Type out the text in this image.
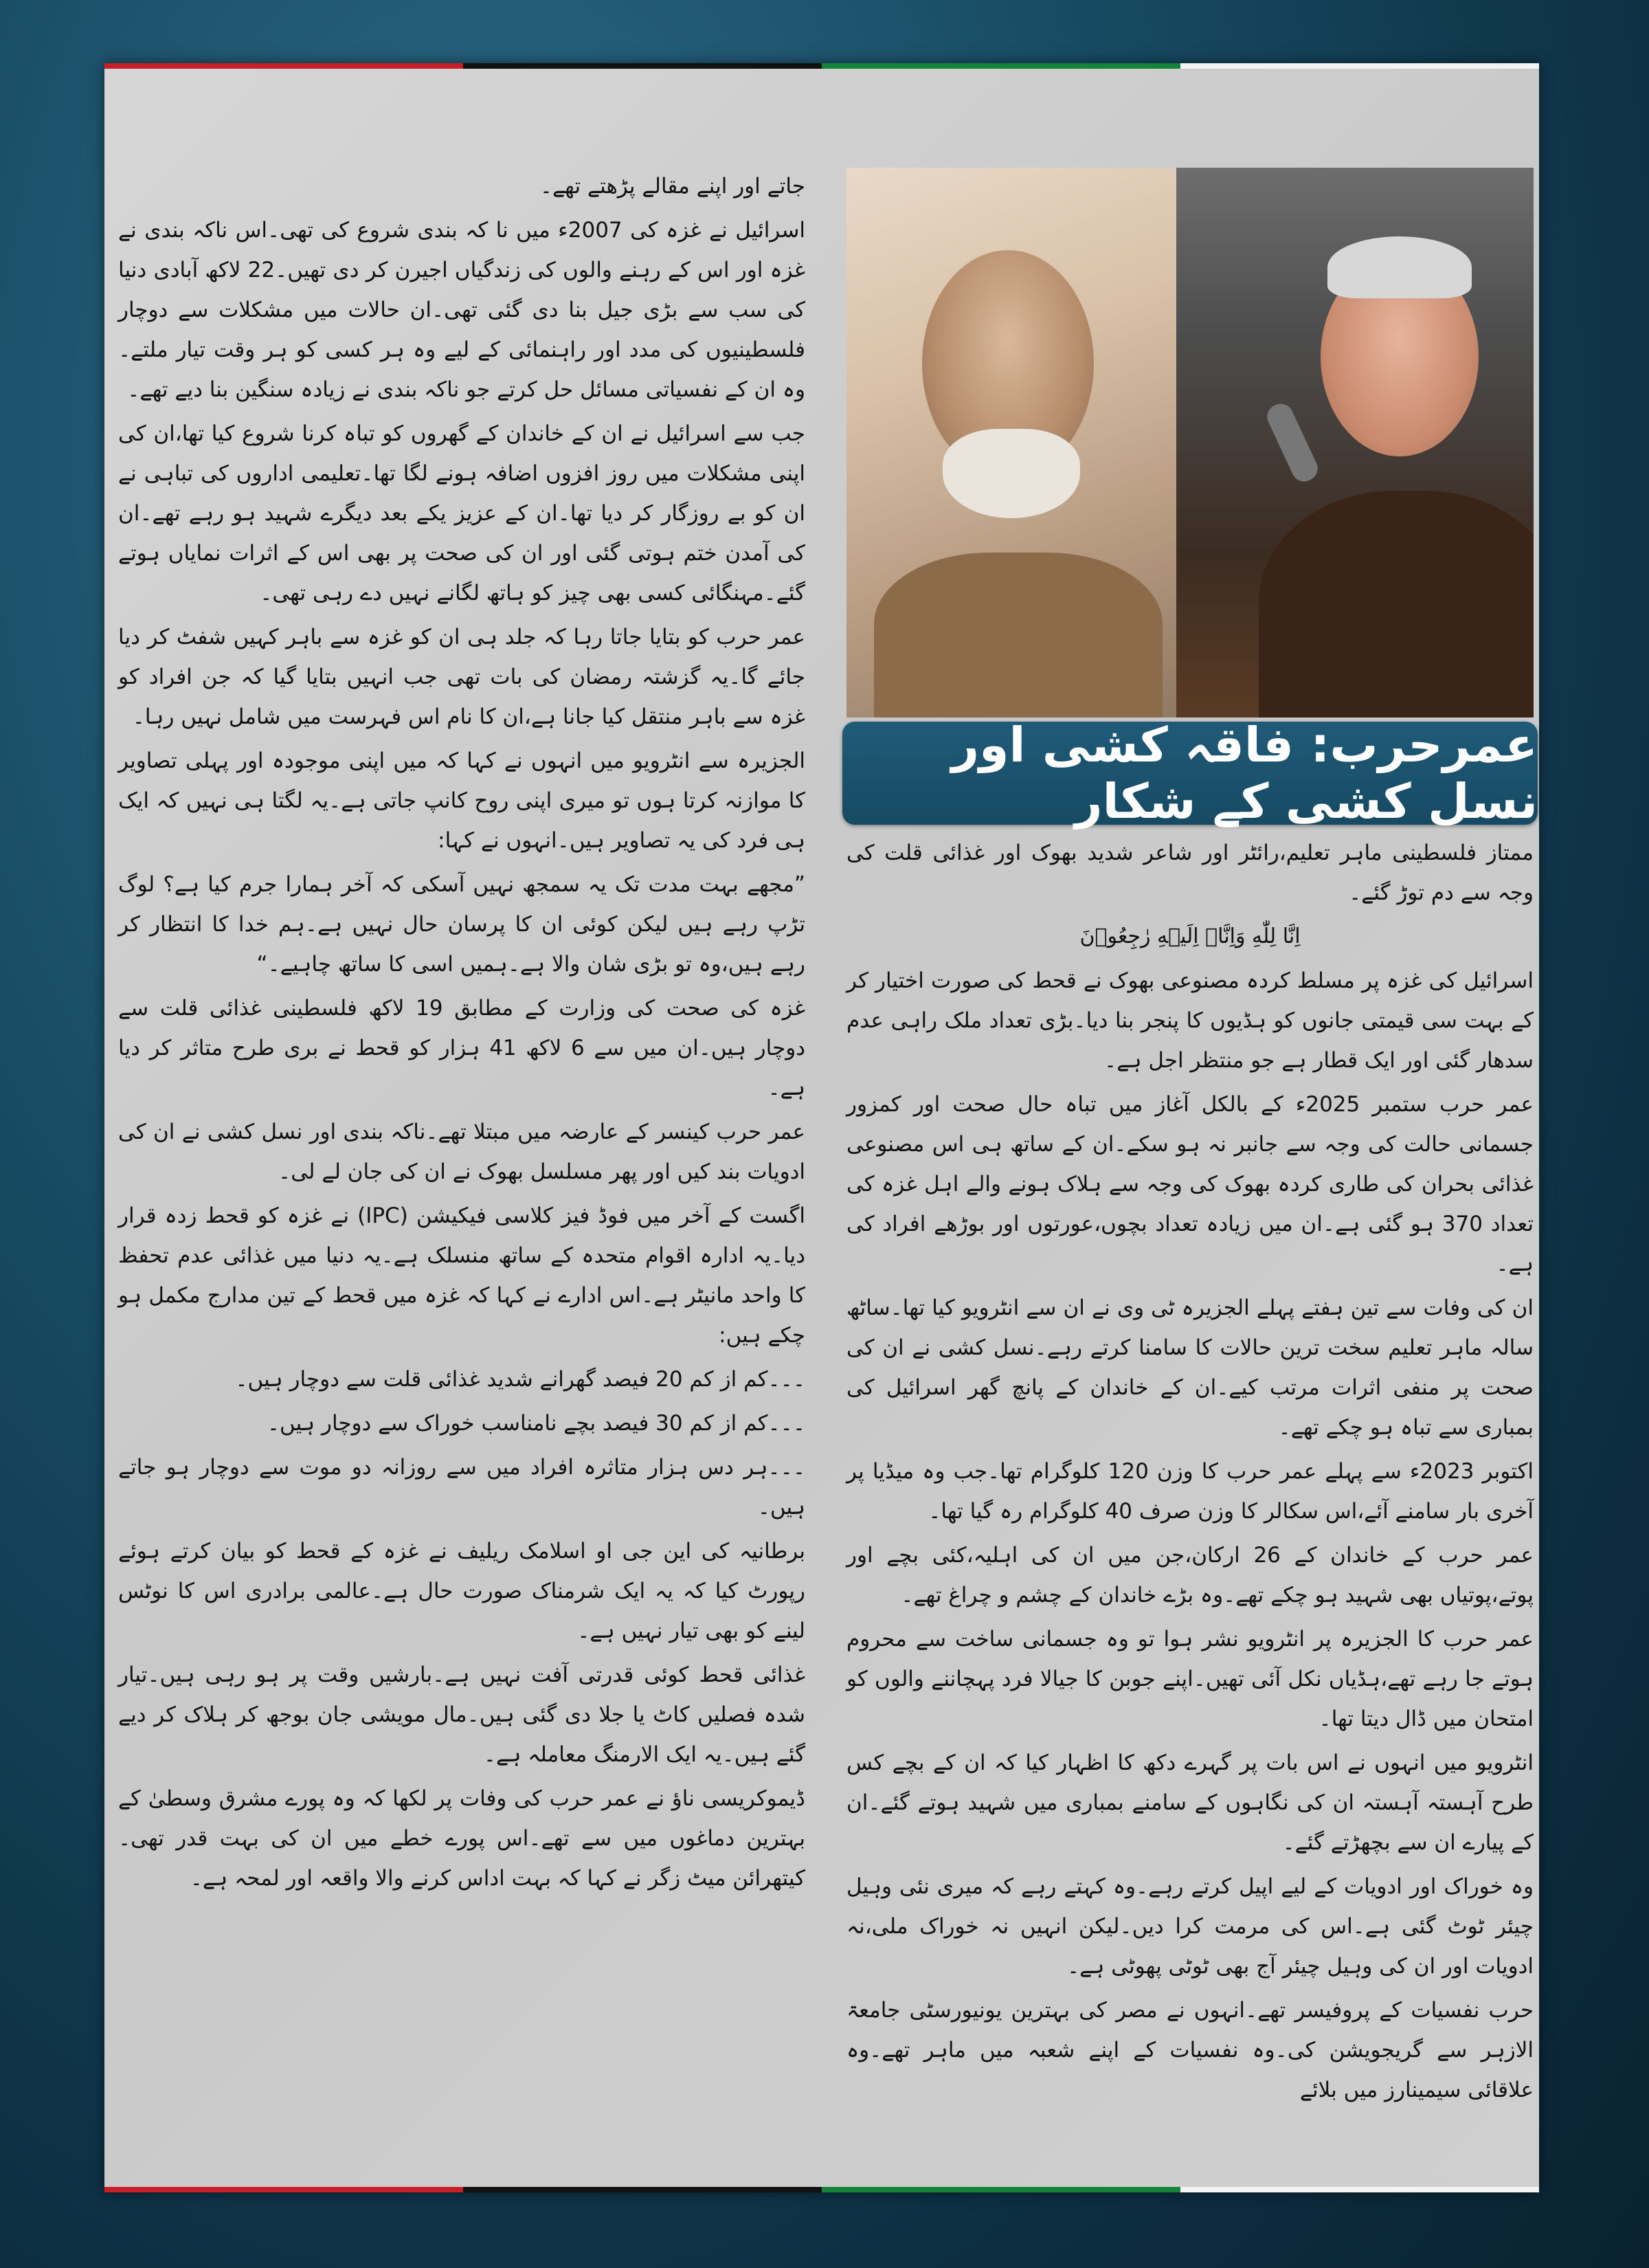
جاتے اور اپنے مقالے پڑھتے تھے۔

اسرائیل نے غزہ کی 2007ء میں نا کہ بندی شروع کی تھی۔اس ناکہ بندی نے غزہ اور اس کے رہنے والوں کی زندگیاں اجیرن کر دی تھیں۔22 لاکھ آبادی دنیا کی سب سے بڑی جیل بنا دی گئی تھی۔ان حالات میں مشکلات سے دوچار فلسطینیوں کی مدد اور راہنمائی کے لیے وہ ہر کسی کو ہر وقت تیار ملتے۔وہ ان کے نفسیاتی مسائل حل کرتے جو ناکہ بندی نے زیادہ سنگین بنا دیے تھے۔

جب سے اسرائیل نے ان کے خاندان کے گھروں کو تباہ کرنا شروع کیا تھا،ان کی اپنی مشکلات میں روز افزوں اضافہ ہونے لگا تھا۔تعلیمی اداروں کی تباہی نے ان کو بے روزگار کر دیا تھا۔ان کے عزیز یکے بعد دیگرے شہید ہو رہے تھے۔ان کی آمدن ختم ہوتی گئی اور ان کی صحت پر بھی اس کے اثرات نمایاں ہوتے گئے۔مہنگائی کسی بھی چیز کو ہاتھ لگانے نہیں دے رہی تھی۔

عمر حرب کو بتایا جاتا رہا کہ جلد ہی ان کو غزہ سے باہر کہیں شفٹ کر دیا جائے گا۔یہ گزشتہ رمضان کی بات تھی جب انہیں بتایا گیا کہ جن افراد کو غزہ سے باہر منتقل کیا جانا ہے،ان کا نام اس فہرست میں شامل نہیں رہا۔

الجزیرہ سے انٹرویو میں انہوں نے کہا کہ میں اپنی موجودہ اور پہلی تصاویر کا موازنہ کرتا ہوں تو میری اپنی روح کانپ جاتی ہے۔یہ لگتا ہی نہیں کہ ایک ہی فرد کی یہ تصاویر ہیں۔انہوں نے کہا:

”مجھے بہت مدت تک یہ سمجھ نہیں آسکی کہ آخر ہمارا جرم کیا ہے؟ لوگ تڑپ رہے ہیں لیکن کوئی ان کا پرسان حال نہیں ہے۔ہم خدا کا انتظار کر رہے ہیں،وہ تو بڑی شان والا ہے۔ہمیں اسی کا ساتھ چاہیے۔“

غزہ کی صحت کی وزارت کے مطابق 19 لاکھ فلسطینی غذائی قلت سے دوچار ہیں۔ان میں سے 6 لاکھ 41 ہزار کو قحط نے بری طرح متاثر کر دیا ہے۔

عمر حرب کینسر کے عارضہ میں مبتلا تھے۔ناکہ بندی اور نسل کشی نے ان کی ادویات بند کیں اور پھر مسلسل بھوک نے ان کی جان لے لی۔

اگست کے آخر میں فوڈ فیز کلاسی فیکیشن (IPC) نے غزہ کو قحط زدہ قرار دیا۔یہ ادارہ اقوام متحدہ کے ساتھ منسلک ہے۔یہ دنیا میں غذائی عدم تحفظ کا واحد مانیٹر ہے۔اس ادارے نے کہا کہ غزہ میں قحط کے تین مدارج مکمل ہو چکے ہیں:

۔۔۔کم از کم 20 فیصد گھرانے شدید غذائی قلت سے دوچار ہیں۔

۔۔۔کم از کم 30 فیصد بچے نامناسب خوراک سے دوچار ہیں۔

۔۔۔ہر دس ہزار متاثرہ افراد میں سے روزانہ دو موت سے دوچار ہو جاتے ہیں۔

برطانیہ کی این جی او اسلامک ریلیف نے غزہ کے قحط کو بیان کرتے ہوئے رپورٹ کیا کہ یہ ایک شرمناک صورت حال ہے۔عالمی برادری اس کا نوٹس لینے کو بھی تیار نہیں ہے۔

غذائی قحط کوئی قدرتی آفت نہیں ہے۔بارشیں وقت پر ہو رہی ہیں۔تیار شدہ فصلیں کاٹ یا جلا دی گئی ہیں۔مال مویشی جان بوجھ کر ہلاک کر دیے گئے ہیں۔یہ ایک الارمنگ معاملہ ہے۔

ڈیموکریسی ناؤ نے عمر حرب کی وفات پر لکھا کہ وہ پورے مشرق وسطیٰ کے بہترین دماغوں میں سے تھے۔اس پورے خطے میں ان کی بہت قدر تھی۔کیتھرائن میٹ زگر نے کہا کہ بہت اداس کرنے والا واقعہ اور لمحہ ہے۔

عمرحرب: فاقہ کشی اور نسل کشی کے شکار

ممتاز فلسطینی ماہر تعلیم،رائٹر اور شاعر شدید بھوک اور غذائی قلت کی وجہ سے دم توڑ گئے۔

اِنَّا لِلّٰهِ وَاِنَّاۤ اِلَیۡهِ رٰجِعُوۡنَ

اسرائیل کی غزہ پر مسلط کردہ مصنوعی بھوک نے قحط کی صورت اختیار کر کے بہت سی قیمتی جانوں کو ہڈیوں کا پنجر بنا دیا۔بڑی تعداد ملک راہی عدم سدھار گئی اور ایک قطار ہے جو منتظر اجل ہے۔

عمر حرب ستمبر 2025ء کے بالکل آغاز میں تباہ حال صحت اور کمزور جسمانی حالت کی وجہ سے جانبر نہ ہو سکے۔ان کے ساتھ ہی اس مصنوعی غذائی بحران کی طاری کردہ بھوک کی وجہ سے ہلاک ہونے والے اہل غزہ کی تعداد 370 ہو گئی ہے۔ان میں زیادہ تعداد بچوں،عورتوں اور بوڑھے افراد کی ہے۔

ان کی وفات سے تین ہفتے پہلے الجزیرہ ٹی وی نے ان سے انٹرویو کیا تھا۔ساٹھ سالہ ماہر تعلیم سخت ترین حالات کا سامنا کرتے رہے۔نسل کشی نے ان کی صحت پر منفی اثرات مرتب کیے۔ان کے خاندان کے پانچ گھر اسرائیل کی بمباری سے تباہ ہو چکے تھے۔

اکتوبر 2023ء سے پہلے عمر حرب کا وزن 120 کلوگرام تھا۔جب وہ میڈیا پر آخری بار سامنے آئے،اس سکالر کا وزن صرف 40 کلوگرام رہ گیا تھا۔

عمر حرب کے خاندان کے 26 ارکان،جن میں ان کی اہلیہ،کئی بچے اور پوتے،پوتیاں بھی شہید ہو چکے تھے۔وہ بڑے خاندان کے چشم و چراغ تھے۔

عمر حرب کا الجزیرہ پر انٹرویو نشر ہوا تو وہ جسمانی ساخت سے محروم ہوتے جا رہے تھے،ہڈیاں نکل آئی تھیں۔اپنے جوبن کا جیالا فرد پہچاننے والوں کو امتحان میں ڈال دیتا تھا۔

انٹرویو میں انہوں نے اس بات پر گہرے دکھ کا اظہار کیا کہ ان کے بچے کس طرح آہستہ آہستہ ان کی نگاہوں کے سامنے بمباری میں شہید ہوتے گئے۔ان کے پیارے ان سے بچھڑتے گئے۔

وہ خوراک اور ادویات کے لیے اپیل کرتے رہے۔وہ کہتے رہے کہ میری نئی وہیل چیئر ٹوٹ گئی ہے۔اس کی مرمت کرا دیں۔لیکن انہیں نہ خوراک ملی،نہ ادویات اور ان کی وہیل چیئر آج بھی ٹوٹی پھوٹی ہے۔

حرب نفسیات کے پروفیسر تھے۔انہوں نے مصر کی بہترین یونیورسٹی جامعۃ الازہر سے گریجویشن کی۔وہ نفسیات کے اپنے شعبہ میں ماہر تھے۔وہ علاقائی سیمینارز میں بلائے
